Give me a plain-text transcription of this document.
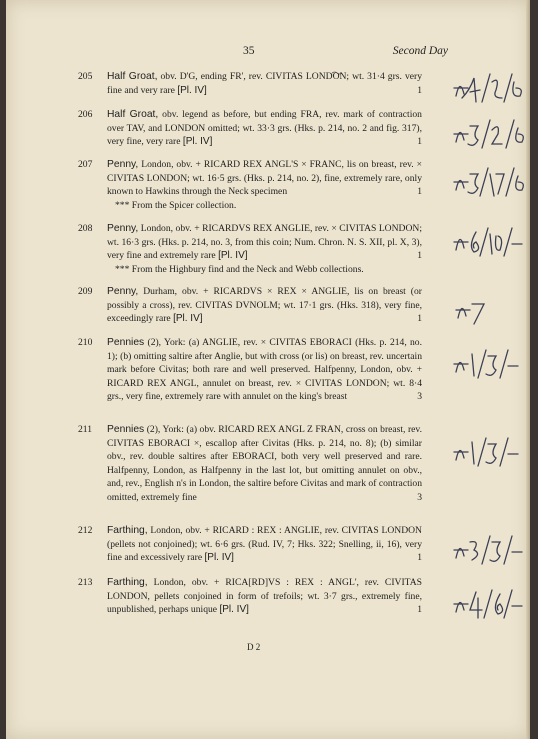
35	Second Day
205	Half Groat, obv. D'G, ending FR', rev. CIVITAS LONDON; wt. 31·4 grs. very fine and very rare [Pl. IV]	1
206	Half Groat, obv. legend as before, but ending FRA, rev. mark of contraction over TAV, and LONDON omitted; wt. 33·3 grs. (Hks. p. 214, no. 2 and fig. 317), very fine, very rare [Pl. IV]	1
207	Penny, London, obv. + RICARD REX ANGL'S × FRANC, lis on breast, rev. × CIVITAS LONDON; wt. 16·5 grs. (Hks. p. 214, no. 2), fine, extremely rare, only known to Hawkins through the Neck specimen	1
*** From the Spicer collection.
208	Penny, London, obv. + RICARDVS REX ANGLIE, rev. × CIVITAS LONDON; wt. 16·3 grs. (Hks. p. 214, no. 3, from this coin; Num. Chron. N. S. XII, pl. X, 3), very fine and extremely rare [Pl. IV]	1
*** From the Highbury find and the Neck and Webb collections.
209	Penny, Durham, obv. + RICARDVS × REX × ANGLIE, lis on breast (or possibly a cross), rev. CIVITAS DVNOLM; wt. 17·1 grs. (Hks. 318), very fine, exceedingly rare [Pl. IV]	1
210	Pennies (2), York: (a) ANGLIE, rev. × CIVITAS EBORACI (Hks. p. 214, no. 1); (b) omitting saltire after Anglie, but with cross (or lis) on breast, rev. uncertain mark before Civitas; both rare and well preserved. Halfpenny, London, obv. + RICARD REX ANGL, annulet on breast, rev. × CIVITAS LONDON; wt. 8·4 grs., very fine, extremely rare with annulet on the king's breast	3
211	Pennies (2), York: (a) obv. RICARD REX ANGL Z FRAN, cross on breast, rev. CIVITAS EBORACI ×, escallop after Civitas (Hks. p. 214, no. 8); (b) similar obv., rev. double saltires after EBORACI, both very well preserved and rare. Halfpenny, London, as Halfpenny in the last lot, but omitting annulet on obv., and, rev., English n's in London, the saltire before Civitas and mark of contraction omitted, extremely fine	3
212	Farthing, London, obv. + RICARD : REX : ANGLIE, rev. CIVITAS LONDON (pellets not conjoined); wt. 6·6 grs. (Rud. IV, 7; Hks. 322; Snelling, ii, 16), very fine and excessively rare [Pl. IV]	1
213	Farthing, London, obv. + RICA[RD]VS : REX : ANGL', rev. CIVITAS LONDON, pellets conjoined in form of trefoils; wt. 3·7 grs., extremely fine, unpublished, perhaps unique [Pl. IV]	1
D 2
